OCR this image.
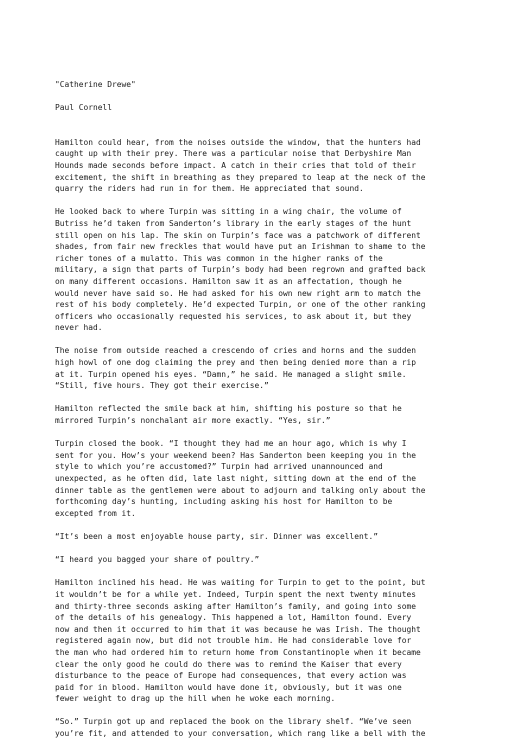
"Catherine Drewe"
Paul Cornell
Hamilton could hear, from the noises outside the window, that the hunters had
caught up with their prey. There was a particular noise that Derbyshire Man
Hounds made seconds before impact. A catch in their cries that told of their
excitement, the shift in breathing as they prepared to leap at the neck of the
quarry the riders had run in for them. He appreciated that sound.
He looked back to where Turpin was sitting in a wing chair, the volume of
Butriss he’d taken from Sanderton’s library in the early stages of the hunt
still open on his lap. The skin on Turpin’s face was a patchwork of different
shades, from fair new freckles that would have put an Irishman to shame to the
richer tones of a mulatto. This was common in the higher ranks of the
military, a sign that parts of Turpin’s body had been regrown and grafted back
on many different occasions. Hamilton saw it as an affectation, though he
would never have said so. He had asked for his own new right arm to match the
rest of his body completely. He’d expected Turpin, or one of the other ranking
officers who occasionally requested his services, to ask about it, but they
never had.
The noise from outside reached a crescendo of cries and horns and the sudden
high howl of one dog claiming the prey and then being denied more than a rip
at it. Turpin opened his eyes. “Damn,” he said. He managed a slight smile.
“Still, five hours. They got their exercise.”
Hamilton reflected the smile back at him, shifting his posture so that he
mirrored Turpin’s nonchalant air more exactly. “Yes, sir.”
Turpin closed the book. “I thought they had me an hour ago, which is why I
sent for you. How’s your weekend been? Has Sanderton been keeping you in the
style to which you’re accustomed?” Turpin had arrived unannounced and
unexpected, as he often did, late last night, sitting down at the end of the
dinner table as the gentlemen were about to adjourn and talking only about the
forthcoming day’s hunting, including asking his host for Hamilton to be
excepted from it.
“It’s been a most enjoyable house party, sir. Dinner was excellent.”
“I heard you bagged your share of poultry.”
Hamilton inclined his head. He was waiting for Turpin to get to the point, but
it wouldn’t be for a while yet. Indeed, Turpin spent the next twenty minutes
and thirty-three seconds asking after Hamilton’s family, and going into some
of the details of his genealogy. This happened a lot, Hamilton found. Every
now and then it occurred to him that it was because he was Irish. The thought
registered again now, but did not trouble him. He had considerable love for
the man who had ordered him to return home from Constantinople when it became
clear the only good he could do there was to remind the Kaiser that every
disturbance to the peace of Europe had consequences, that every action was
paid for in blood. Hamilton would have done it, obviously, but it was one
fewer weight to drag up the hill when he woke each morning.
“So.” Turpin got up and replaced the book on the library shelf. “We’ve seen
you’re fit, and attended to your conversation, which rang like a bell with the
